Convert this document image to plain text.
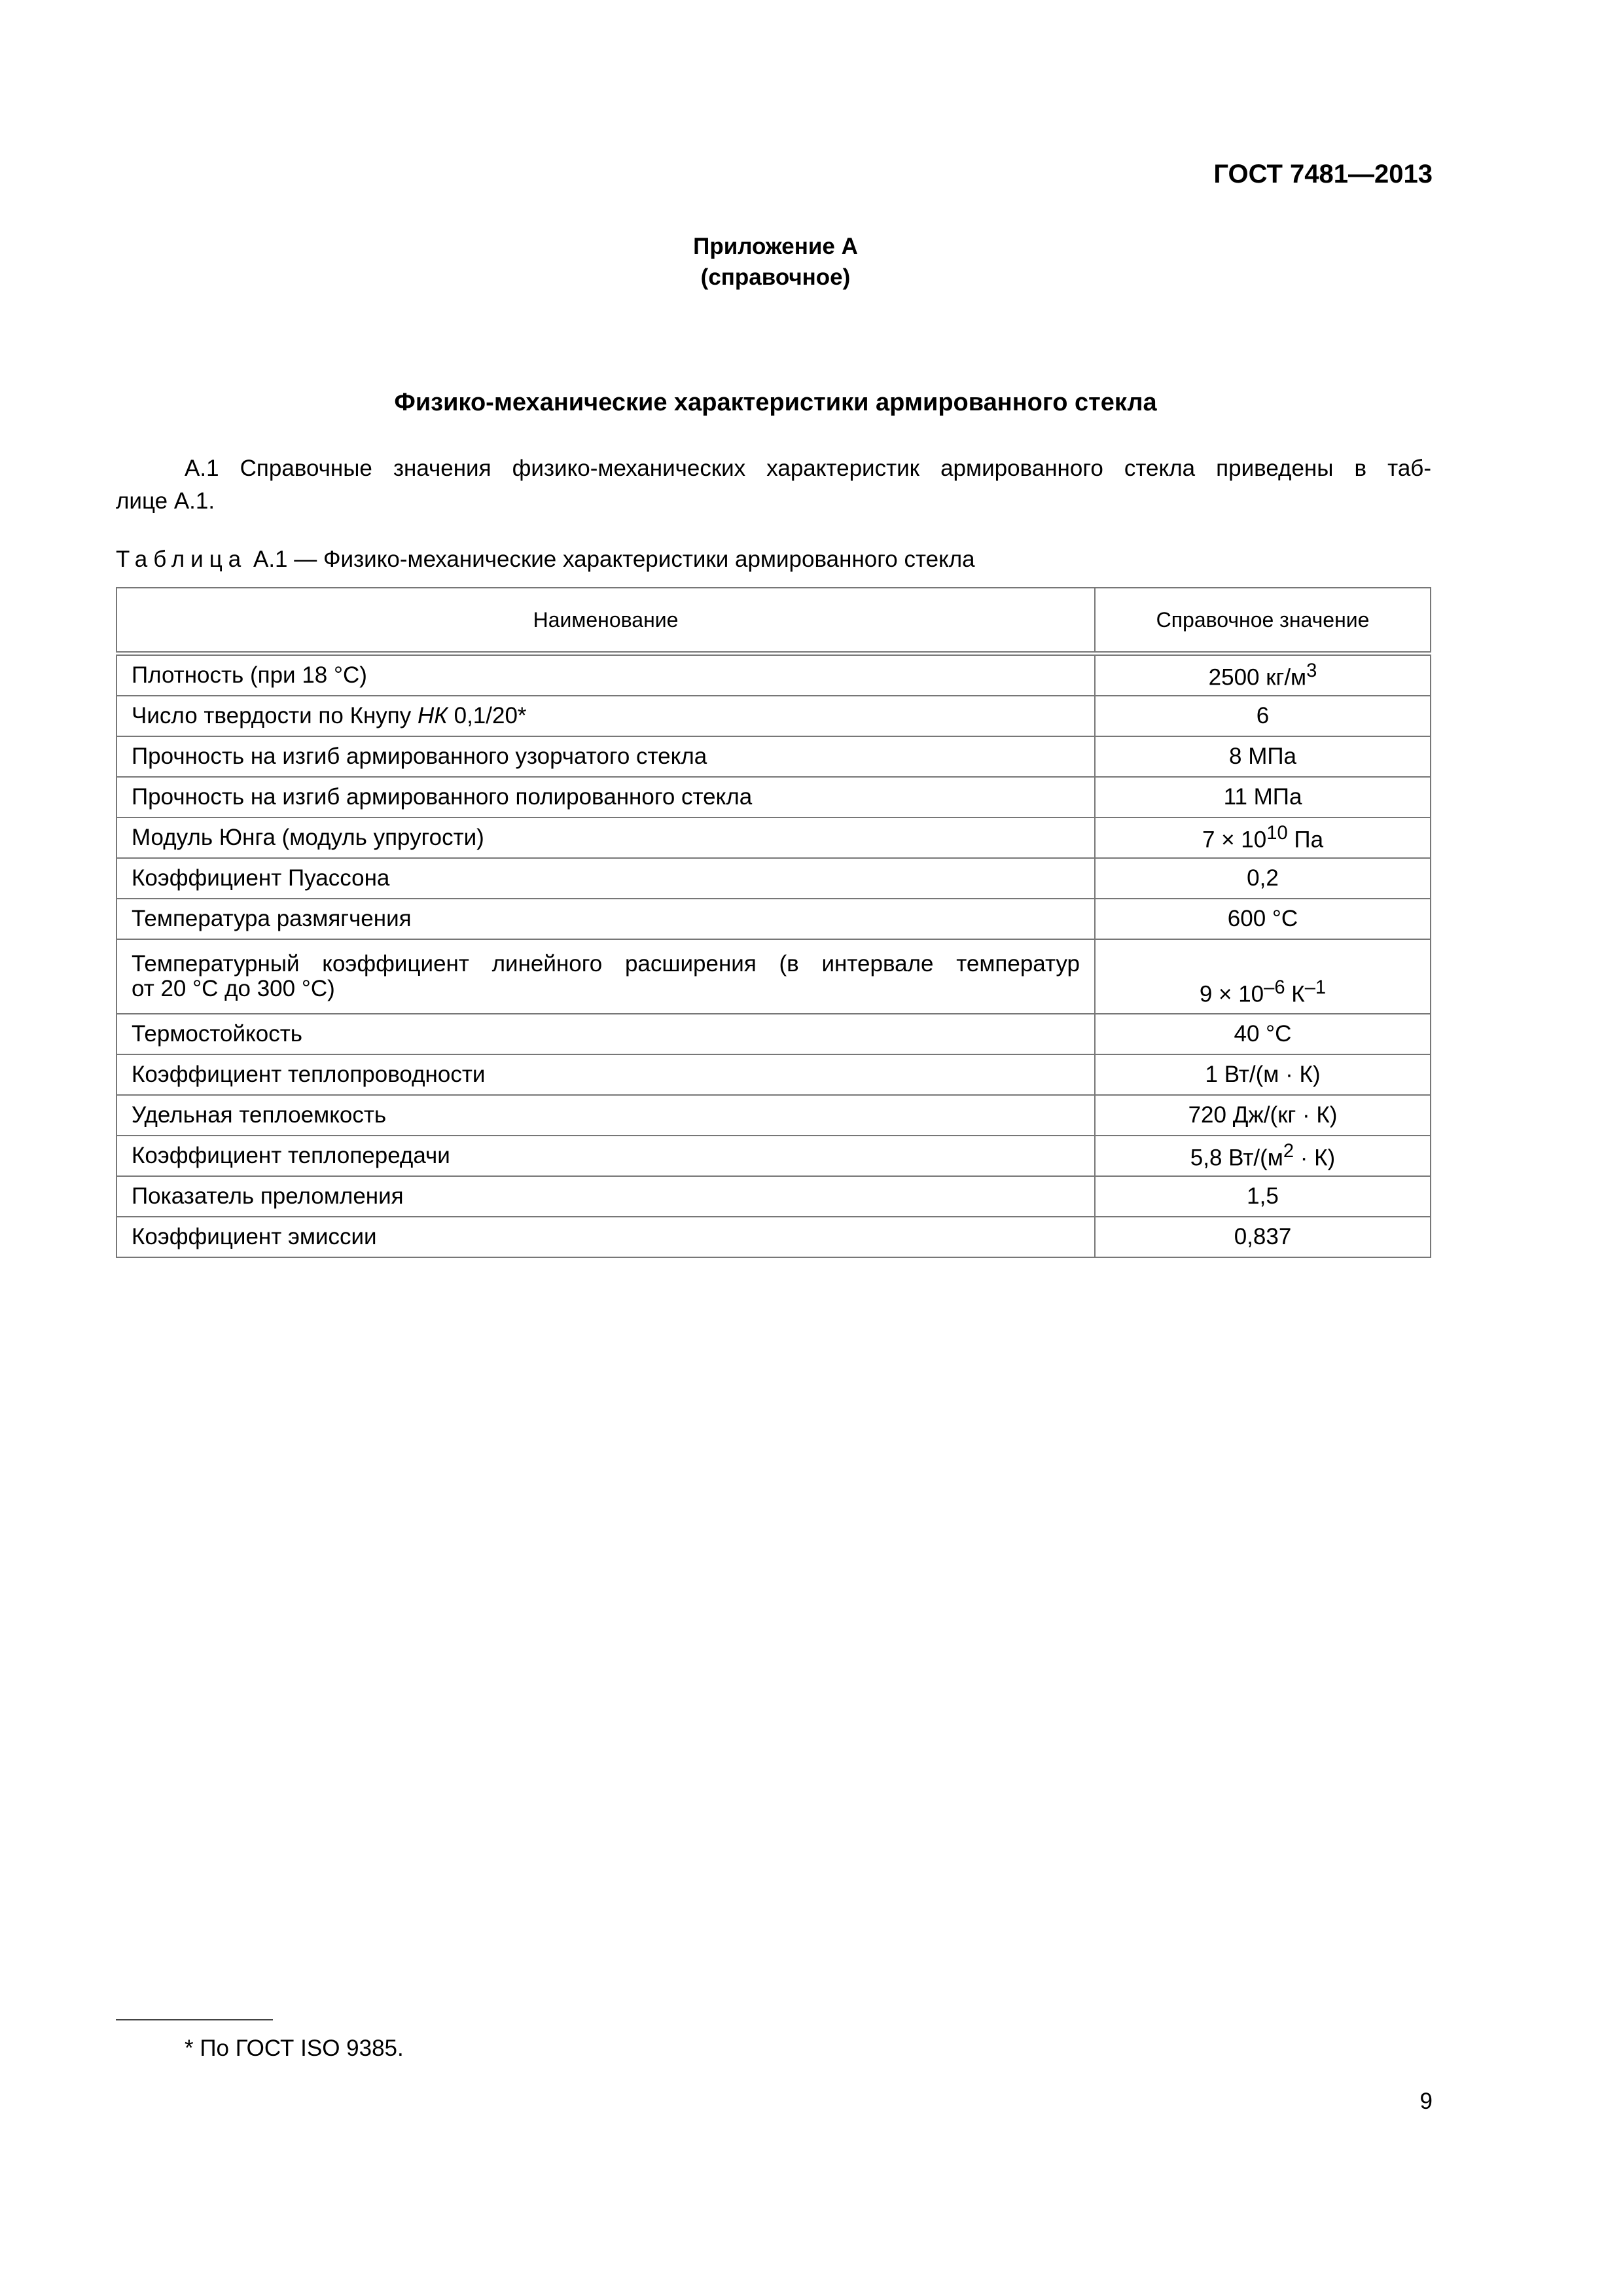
ГОСТ 7481—2013
Приложение А
(справочное)
Физико-механические характеристики армированного стекла
А.1 Справочные значения физико-механических характеристик армированного стекла приведены в таб-
лице А.1.
Таблица А.1 — Физико-механические характеристики армированного стекла
Наименование	Справочное значение
Плотность (при 18 °С)	2500 $кг/м^3$
Число твердости по Кнупу НК 0,1/20*	6
Прочность на изгиб армированного узорчатого стекла	8 МПа
Прочность на изгиб армированного полированного стекла	11 МПа
Модуль Юнга (модуль упругости)	$7 \times 10^{10}$ Па
Коэффициент Пуассона	0,2
Температура размягчения	600 °С

Температурный коэффициент линейного расширения (в интервале температур
от 20 °С до 300 °С)	$9 \times 10^{-6}$ $К^{-1}$
Термостойкость	40 °С
Коэффициент теплопроводности	1 Вт/(м · К)
Удельная теплоемкость	720 Дж/(кг · К)
Коэффициент теплопередачи	5,8 $Вт/(м^2 \cdot К)$
Показатель преломления	1,5
Коэффициент эмиссии	0,837
* По ГОСТ ISO 9385.
9
